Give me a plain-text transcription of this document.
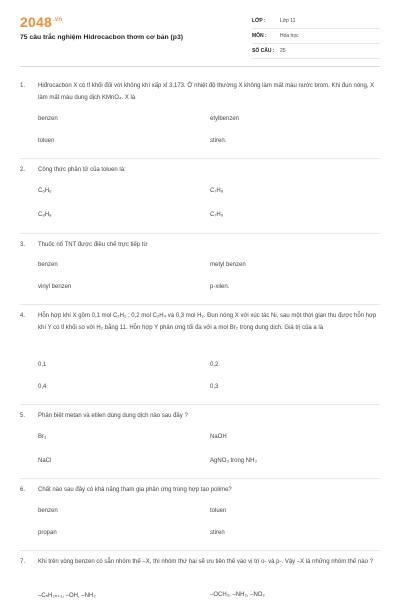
$2048^{.vn}$
75 câu trắc nghiệm Hidrocacbon thơm cơ bản (p3)
LỚP :	Lớp 11
MÔN :	Hóa học
SỐ CÂU :	25
1.	Hiđrocacbon X có tỉ khối đối với không khí xấp xỉ 3,173. Ở nhiệt độ thường X không làm mất màu nước brom. Khi đun nóng, X làm mất màu dung dịch KMnO₄. X là
benzen	etylbenzen
toluen	stiren.
2.	Công thức phân tử của toluen là:
C₆H₆	C₇H₈
C₈H₈	C₇H₉
3.	Thuốc nổ TNT được điều chế trực tiếp từ
benzen	metyl benzen
vinyl benzen	p-xilen.
4.	Hỗn hợp khí X gồm 0,1 mol C₂H₂ ; 0,2 mol C₂H₄ và 0,3 mol H₂. Đun nóng X với xúc tác Ni, sau một thời gian thu được hỗn hợp khí Y có tỉ khối so với H₂ bằng 11. Hỗn hợp Y phản ứng tối đa với a mol Br₂ trong dung dịch. Giá trị của a là
0,1	0,2
0,4	0,3
5.	Phân biệt metan và etilen dùng dung dịch nào sau đây ?
Br₂	NaOH
NaCl	AgNO₃ trong NH₃
6.	Chất nào sau đây có khả năng tham gia phản ứng trùng hợp tạo polime?
benzen	toluen
propan	stiren
7.	Khi trên vòng benzen có sẵn nhóm thế –X, thì nhóm thứ hai sẽ ưu tiên thế vào vị trí o- và p-. Vậy –X là những nhóm thế nào ?
–CₙH₂ₙ₊₁, –OH, –NH₂	–OCH₃, –NH₂, –NO₂
